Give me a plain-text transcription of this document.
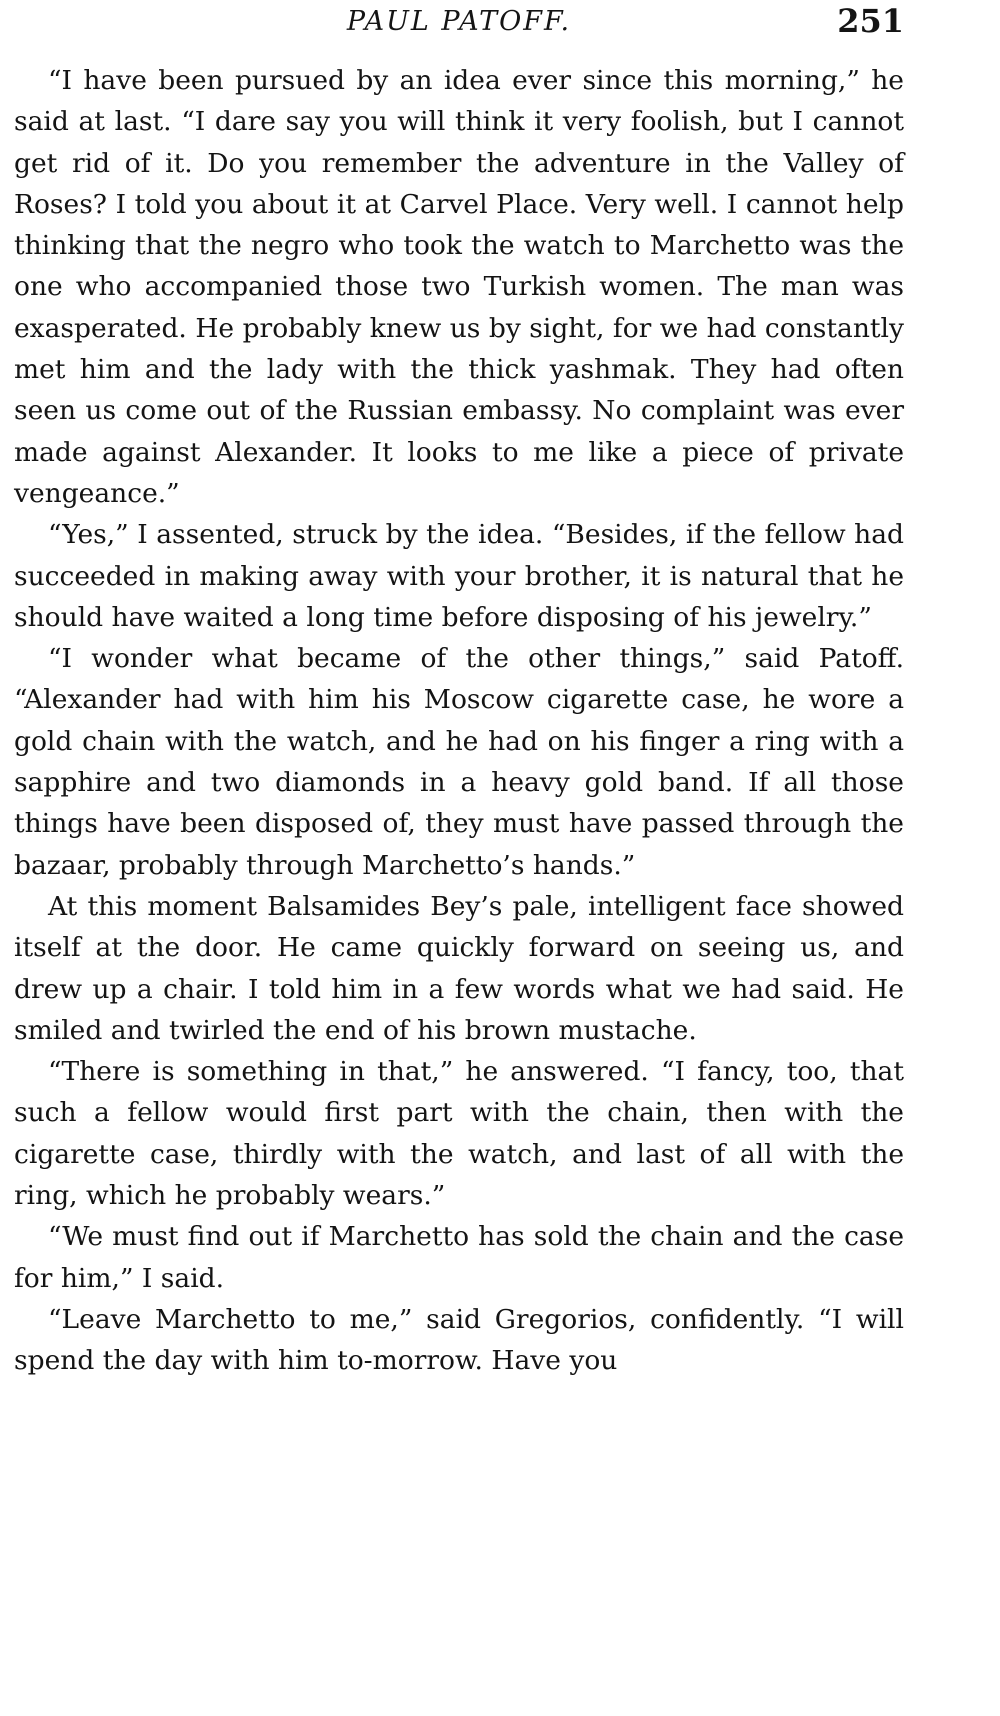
PAUL PATOFF.	251

“I have been pursued by an idea ever since this morning,” he said at last. “I dare say you will think it very foolish, but I cannot get rid of it. Do you remember the adventure in the Valley of Roses? I told you about it at Carvel Place. Very well. I cannot help thinking that the negro who took the watch to Marchetto was the one who accompanied those two Turkish women. The man was exasperated. He probably knew us by sight, for we had constantly met him and the lady with the thick yashmak. They had often seen us come out of the Russian embassy. No complaint was ever made against Alexander. It looks to me like a piece of private vengeance.”

“Yes,” I assented, struck by the idea. “Besides, if the fellow had succeeded in making away with your brother, it is natural that he should have waited a long time before disposing of his jewelry.”

“I wonder what became of the other things,” said Patoff. “Alexander had with him his Moscow cigarette case, he wore a gold chain with the watch, and he had on his finger a ring with a sapphire and two diamonds in a heavy gold band. If all those things have been disposed of, they must have passed through the bazaar, probably through Marchetto’s hands.”

At this moment Balsamides Bey’s pale, intelligent face showed itself at the door. He came quickly forward on seeing us, and drew up a chair. I told him in a few words what we had said. He smiled and twirled the end of his brown mustache.

“There is something in that,” he answered. “I fancy, too, that such a fellow would first part with the chain, then with the cigarette case, thirdly with the watch, and last of all with the ring, which he probably wears.”

“We must find out if Marchetto has sold the chain and the case for him,” I said.

“Leave Marchetto to me,” said Gregorios, confidently. “I will spend the day with him to-morrow. Have you
